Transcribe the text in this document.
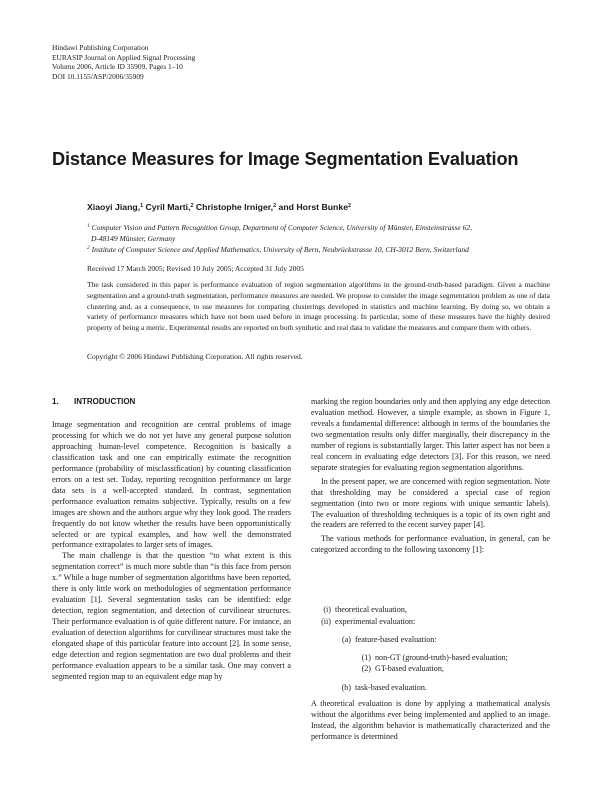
Hindawi Publishing Corporation
EURASIP Journal on Applied Signal Processing
Volume 2006, Article ID 35909, Pages 1–10
DOI 10.1155/ASP/2006/35909
Distance Measures for Image Segmentation Evaluation
Xiaoyi Jiang,$^1$ Cyril Marti,$^2$ Christophe Irniger,$^2$ and Horst Bunke$^2$
$^1$ Computer Vision and Pattern Recognition Group, Department of Computer Science, University of Münster, Einsteinstrasse 62,
D-48149 Münster, Germany
$^2$ Institute of Computer Science and Applied Mathematics, University of Bern, Neubrückstrasse 10, CH-3012 Bern, Switzerland
Received 17 March 2005; Revised 10 July 2005; Accepted 31 July 2005
The task considered in this paper is performance evaluation of region segmentation algorithms in the ground-truth-based paradigm. Given a machine segmentation and a ground-truth segmentation, performance measures are needed. We propose to consider the image segmentation problem as one of data clustering and, as a consequence, to use measures for comparing clusterings developed in statistics and machine learning. By doing so, we obtain a variety of performance measures which have not been used before in image processing. In particular, some of these measures have the highly desired property of being a metric. Experimental results are reported on both synthetic and real data to validate the measures and compare them with others.
Copyright © 2006 Hindawi Publishing Corporation. All rights reserved.
1. INTRODUCTION

Image segmentation and recognition are central problems of image processing for which we do not yet have any general purpose solution approaching human-level competence. Recognition is basically a classification task and one can empirically estimate the recognition performance (probability of misclassification) by counting classification errors on a test set. Today, reporting recognition performance on large data sets is a well-accepted standard. In contrast, segmentation performance evaluation remains subjective. Typically, results on a few images are shown and the authors argue why they look good. The readers frequently do not know whether the results have been opportunistically selected or are typical examples, and how well the demonstrated performance extrapolates to larger sets of images.

The main challenge is that the question “to what extent is this segmentation correct” is much more subtle than “is this face from person x.” While a huge number of segmentation algorithms have been reported, there is only little work on methodologies of segmentation performance evaluation [1]. Several segmentation tasks can be identified: edge detection, region segmentation, and detection of curvilinear structures. Their performance evaluation is of quite different nature. For instance, an evaluation of detection algorithms for curvilinear structures must take the elongated shape of this particular feature into account [2]. In some sense, edge detection and region segmentation are two dual problems and their performance evaluation appears to be a similar task. One may convert a segmented region map to an equivalent edge map by

marking the region boundaries only and then applying any edge detection evaluation method. However, a simple example, as shown in Figure 1, reveals a fundamental difference: although in terms of the boundaries the two segmentation results only differ marginally, their discrepancy in the number of regions is substantially larger. This latter aspect has not been a real concern in evaluating edge detectors [3]. For this reason, we need separate strategies for evaluating region segmentation algorithms.

In the present paper, we are concerned with region segmentation. Note that thresholding may be considered a special case of region segmentation (into two or more regions with unique semantic labels). The evaluation of thresholding techniques is a topic of its own right and the readers are referred to the recent survey paper [4].

The various methods for performance evaluation, in general, can be categorized according to the following taxonomy [1]:

(i) theoretical evaluation,
(ii) experimental evaluation:
(a) feature-based evaluation:
(1) non-GT (ground-truth)-based evaluation;
(2) GT-based evaluation,
(b) task-based evaluation.

A theoretical evaluation is done by applying a mathematical analysis without the algorithms ever being implemented and applied to an image. Instead, the algorithm behavior is mathematically characterized and the performance is determined
